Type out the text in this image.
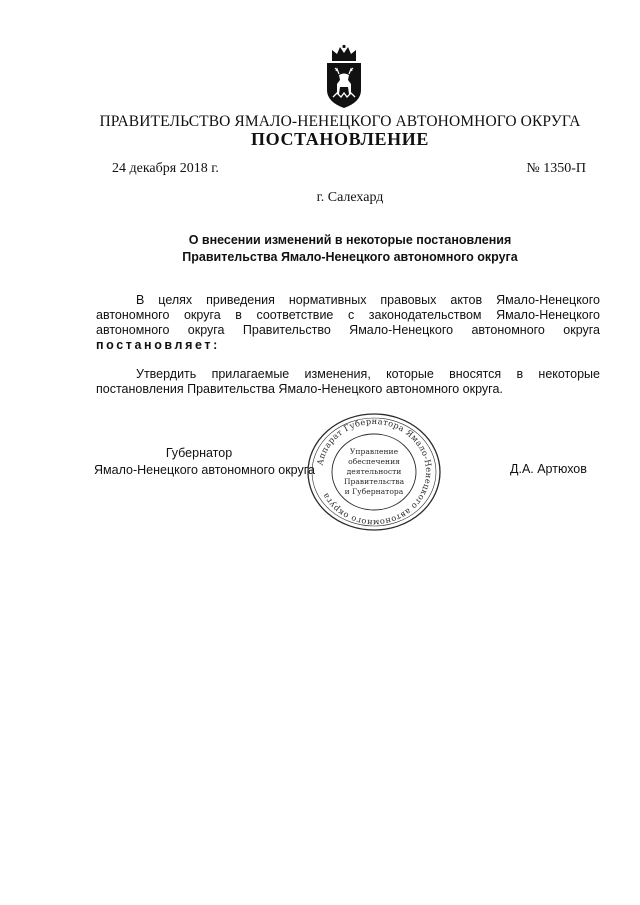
ПРАВИТЕЛЬСТВО ЯМАЛО-НЕНЕЦКОГО АВТОНОМНОГО ОКРУГА
ПОСТАНОВЛЕНИЕ
24 декабря 2018 г.	№ 1350-П
г. Салехард
О внесении изменений в некоторые постановления
Правительства Ямало-Ненецкого автономного округа
В целях приведения нормативных правовых актов Ямало-Ненецкого
автономного округа в соответствие с законодательством Ямало-Ненецкого
автономного округа Правительство Ямало-Ненецкого автономного округа
постановляет:
Утвердить прилагаемые изменения, которые вносятся в некоторые
постановления Правительства Ямало-Ненецкого автономного округа.
Губернатор
Ямало-Ненецкого автономного округа	Д.А. Артюхов
Аппарат Губернатора Ямало-Ненецкого автономного округа
Управление
обеспечения
деятельности
Правительства
и Губернатора
